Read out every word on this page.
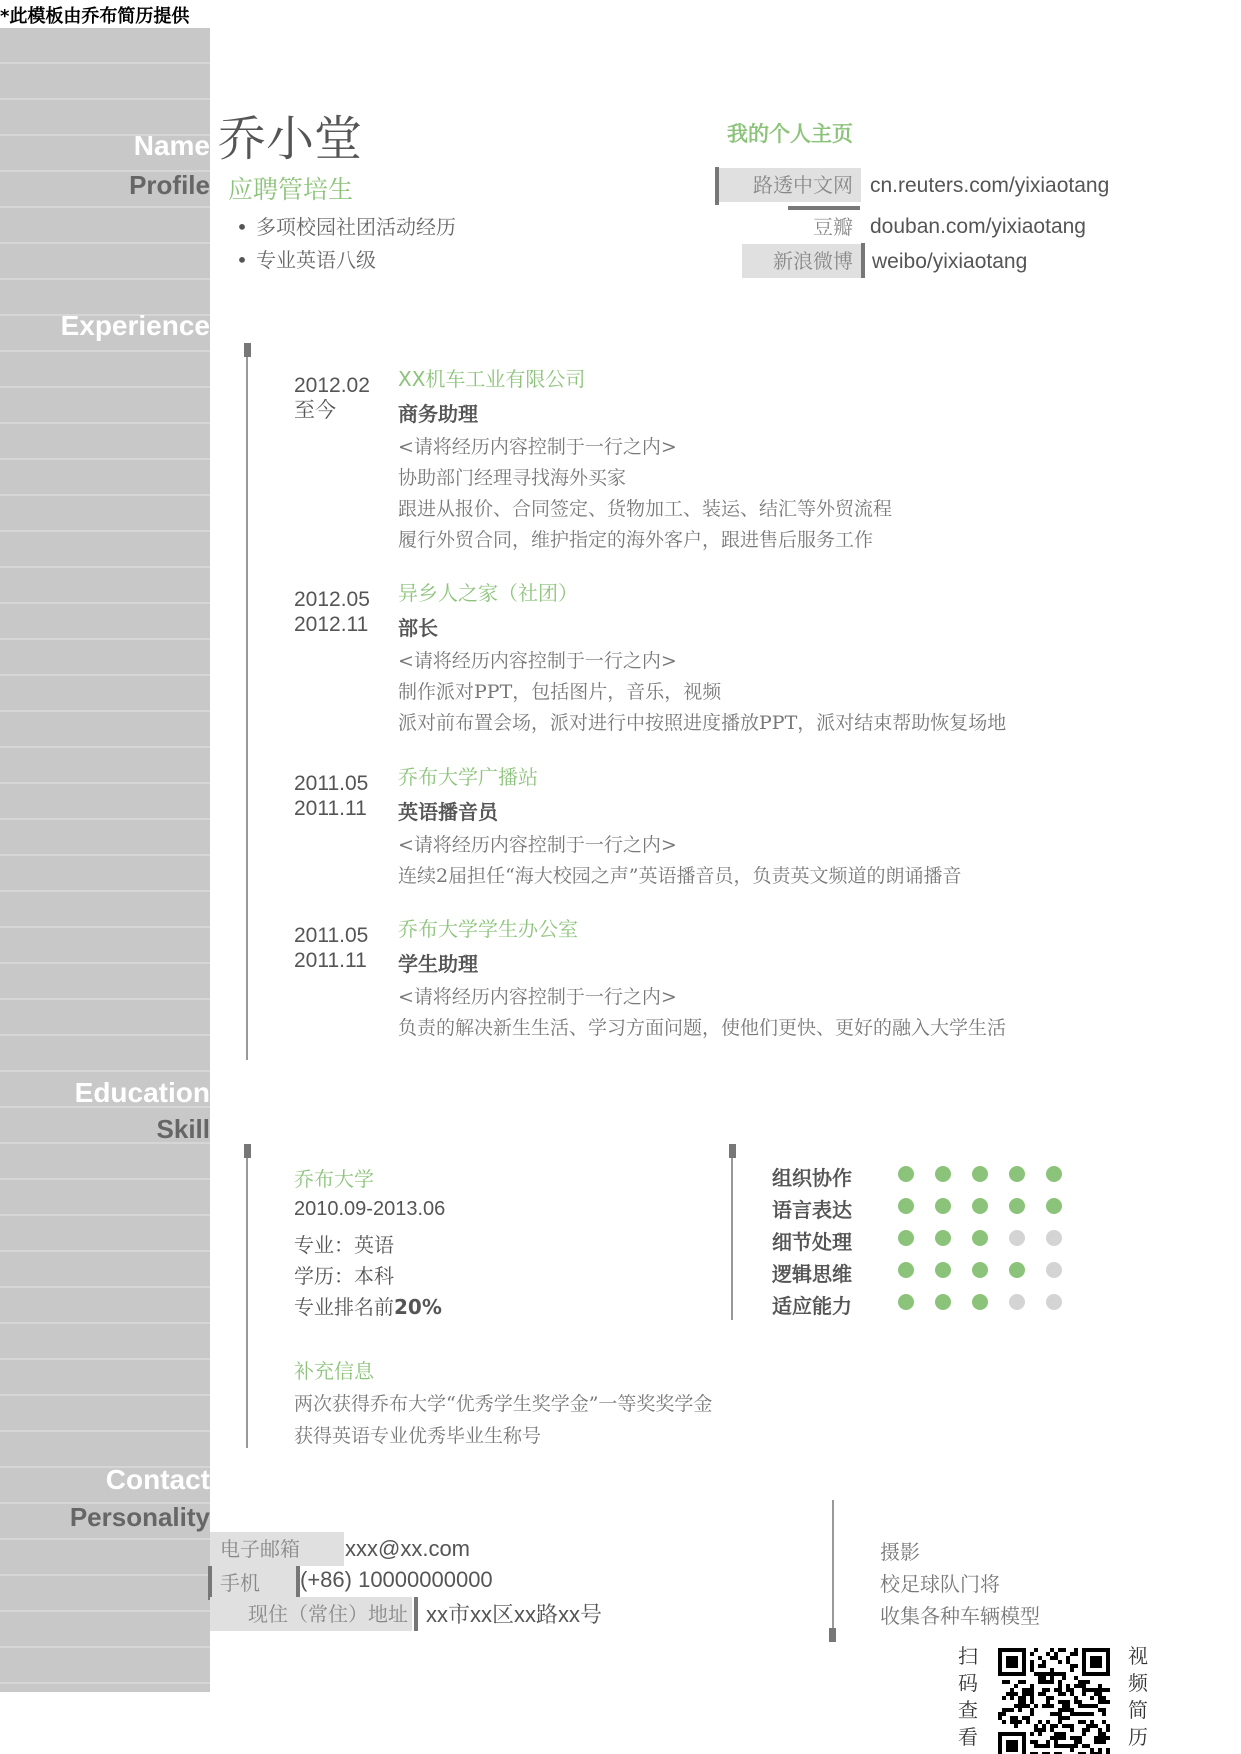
*此模板由乔布简历提供
Name
Profile
Experience
Education
Skill
Contact
Personality
乔小堂
应聘管培生
• 多项校园社团活动经历
• 专业英语八级
我的个人主页
路透中文网
豆瓣
新浪微博
cn.reuters.com/yixiaotang
douban.com/yixiaotang
weibo/yixiaotang
2012.02
至今
XX机车工业有限公司
商务助理
<请将经历内容控制于一行之内>
协助部门经理寻找海外买家
跟进从报价、合同签定、货物加工、装运、结汇等外贸流程
履行外贸合同，维护指定的海外客户，跟进售后服务工作
2012.05
2012.11
异乡人之家（社团）
部长
<请将经历内容控制于一行之内>
制作派对PPT，包括图片，音乐，视频
派对前布置会场，派对进行中按照进度播放PPT，派对结束帮助恢复场地
2011.05
2011.11
乔布大学广播站
英语播音员
<请将经历内容控制于一行之内>
连续2届担任“海大校园之声”英语播音员，负责英文频道的朗诵播音
2011.05
2011.11
乔布大学学生办公室
学生助理
<请将经历内容控制于一行之内>
负责的解决新生生活、学习方面问题，使他们更快、更好的融入大学生活
乔布大学
2010.09-2013.06
专业：英语
学历：本科
专业排名前20%
补充信息
两次获得乔布大学“优秀学生奖学金”一等奖奖学金
获得英语专业优秀毕业生称号
组织协作
语言表达
细节处理
逻辑思维
适应能力
电子邮箱	xxx@xx.com
手机	(+86) 10000000000
现住（常住）地址 xx市xx区xx路xx号
摄影
校足球队门将
收集各种车辆模型
扫
码
查
看
视
频
简
历
